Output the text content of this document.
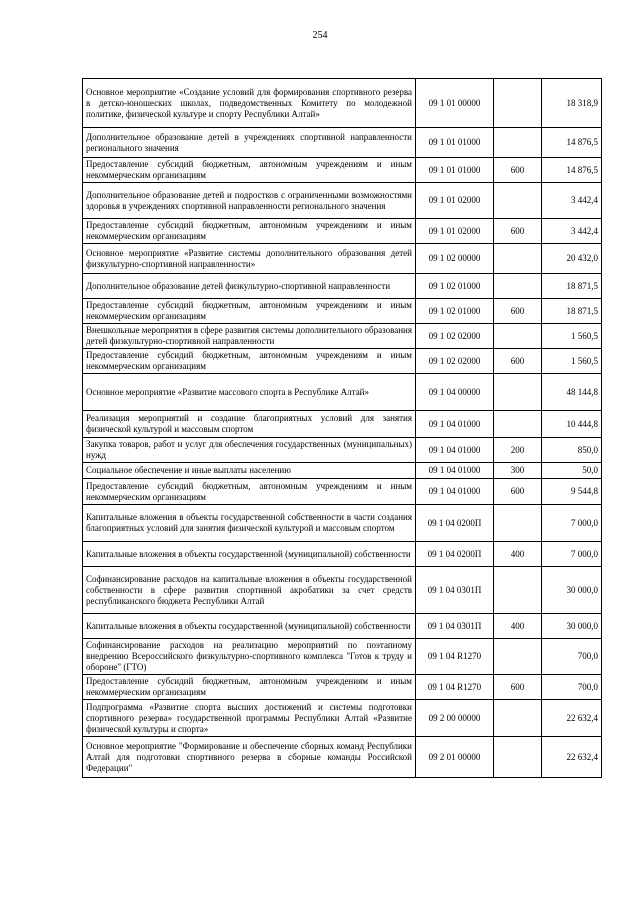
254
Основное мероприятие «Создание условий для формирования спортивного резерва в детско-юношеских школах, подведомственных Комитету по молодежной политике, физической культуре и спорту Республики Алтай»	09 1 01 00000		18 318,9
Дополнительное образование детей в учреждениях спортивной направленности регионального значения	09 1 01 01000		14 876,5
Предоставление субсидий бюджетным, автономным учреждениям и иным некоммерческим организациям	09 1 01 01000	600	14 876,5
Дополнительное образование детей и подростков с ограниченными возможностями здоровья в учреждениях спортивной направленности регионального значения	09 1 01 02000		3 442,4
Предоставление субсидий бюджетным, автономным учреждениям и иным некоммерческим организациям	09 1 01 02000	600	3 442,4
Основное мероприятие «Развитие системы дополнительного образования детей физкультурно-спортивной направленности»	09 1 02 00000		20 432,0
Дополнительное образование детей физкультурно-спортивной направленности	09 1 02 01000		18 871,5
Предоставление субсидий бюджетным, автономным учреждениям и иным некоммерческим организациям	09 1 02 01000	600	18 871,5
Внешкольные мероприятия в сфере развития системы дополнительного образования детей физкультурно-спортивной направленности	09 1 02 02000		1 560,5
Предоставление субсидий бюджетным, автономным учреждениям и иным некоммерческим организациям	09 1 02 02000	600	1 560,5
Основное мероприятие «Развитие массового спорта в Республике Алтай»	09 1 04 00000		48 144,8
Реализация мероприятий и создание благоприятных условий для занятия физической культурой и массовым спортом	09 1 04 01000		10 444,8
Закупка товаров, работ и услуг для обеспечения государственных (муниципальных) нужд	09 1 04 01000	200	850,0
Социальное обеспечение и иные выплаты населению	09 1 04 01000	300	50,0
Предоставление субсидий бюджетным, автономным учреждениям и иным некоммерческим организациям	09 1 04 01000	600	9 544,8
Капитальные вложения в объекты государственной собственности в части создания благоприятных условий для занятия физической культурой и массовым спортом	09 1 04 0200П		7 000,0
Капитальные вложения в объекты государственной (муниципальной) собственности	09 1 04 0200П	400	7 000,0
Софинансирование расходов на капитальные вложения в объекты государственной собственности в сфере развития спортивной акробатики за счет средств республиканского бюджета Республики Алтай	09 1 04 0301П		30 000,0
Капитальные вложения в объекты государственной (муниципальной) собственности	09 1 04 0301П	400	30 000,0
Софинансирование расходов на реализацию мероприятий по поэтапному внедрению Всероссийского физкультурно-спортивного комплекса "Готов к труду и обороне" (ГТО)	09 1 04 R1270		700,0
Предоставление субсидий бюджетным, автономным учреждениям и иным некоммерческим организациям	09 1 04 R1270	600	700,0
Подпрограмма «Развитие спорта высших достижений и системы подготовки спортивного резерва» государственной программы Республики Алтай «Развитие физической культуры и спорта»	09 2 00 00000		22 632,4
Основное мероприятие "Формирование и обеспечение сборных команд Республики Алтай для подготовки спортивного резерва в сборные команды Российской Федерации"	09 2 01 00000		22 632,4
